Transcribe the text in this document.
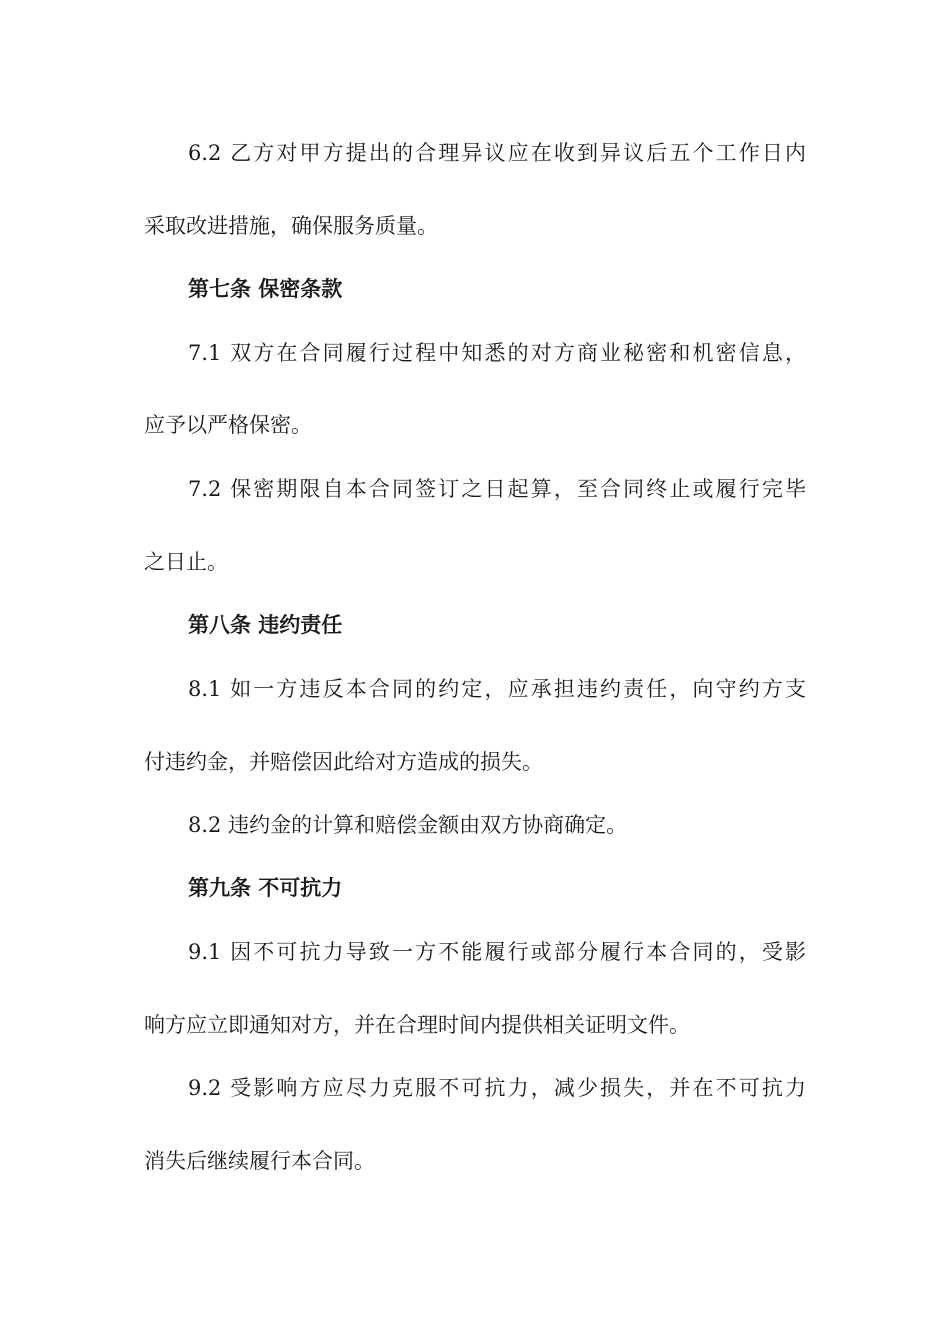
6.2 乙方对甲方提出的合理异议应在收到异议后五个工作日内
采取改进措施，确保服务质量。
第七条 保密条款
7.1 双方在合同履行过程中知悉的对方商业秘密和机密信息，
应予以严格保密。
7.2 保密期限自本合同签订之日起算，至合同终止或履行完毕
之日止。
第八条 违约责任
8.1 如一方违反本合同的约定，应承担违约责任，向守约方支
付违约金，并赔偿因此给对方造成的损失。
8.2 违约金的计算和赔偿金额由双方协商确定。
第九条 不可抗力
9.1 因不可抗力导致一方不能履行或部分履行本合同的，受影
响方应立即通知对方，并在合理时间内提供相关证明文件。
9.2 受影响方应尽力克服不可抗力，减少损失，并在不可抗力
消失后继续履行本合同。
